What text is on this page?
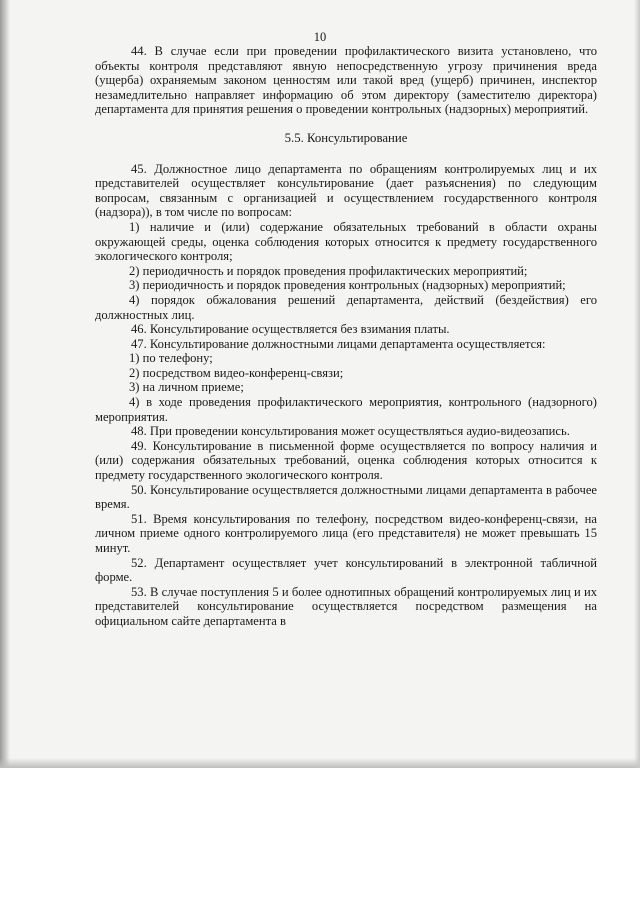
10

44. В случае если при проведении профилактического визита установлено, что объекты контроля представляют явную непосредственную угрозу причинения вреда (ущерба) охраняемым законом ценностям или такой вред (ущерб) причинен, инспектор незамедлительно направляет информацию об этом директору (заместителю директора) департамента для принятия решения о проведении контрольных (надзорных) мероприятий.

5.5. Консультирование

45. Должностное лицо департамента по обращениям контролируемых лиц и их представителей осуществляет консультирование (дает разъяснения) по следующим вопросам, связанным с организацией и осуществлением государственного контроля (надзора)), в том числе по вопросам:

1) наличие и (или) содержание обязательных требований в области охраны окружающей среды, оценка соблюдения которых относится к предмету государственного экологического контроля;

2) периодичность и порядок проведения профилактических мероприятий;

3) периодичность и порядок проведения контрольных (надзорных) мероприятий;

4) порядок обжалования решений департамента, действий (бездействия) его должностных лиц.

46. Консультирование осуществляется без взимания платы.

47. Консультирование должностными лицами департамента осуществляется:

1) по телефону;

2) посредством видео-конференц-связи;

3) на личном приеме;

4) в ходе проведения профилактического мероприятия, контрольного (надзорного) мероприятия.

48. При проведении консультирования может осуществляться аудио-видеозапись.

49. Консультирование в письменной форме осуществляется по вопросу наличия и (или) содержания обязательных требований, оценка соблюдения которых относится к предмету государственного экологического контроля.

50. Консультирование осуществляется должностными лицами департамента в рабочее время.

51. Время консультирования по телефону, посредством видео-конференц-связи, на личном приеме одного контролируемого лица (его представителя) не может превышать 15 минут.

52. Департамент осуществляет учет консультирований в электронной табличной форме.

53. В случае поступления 5 и более однотипных обращений контролируемых лиц и их представителей консультирование осуществляется посредством размещения на официальном сайте департамента в
